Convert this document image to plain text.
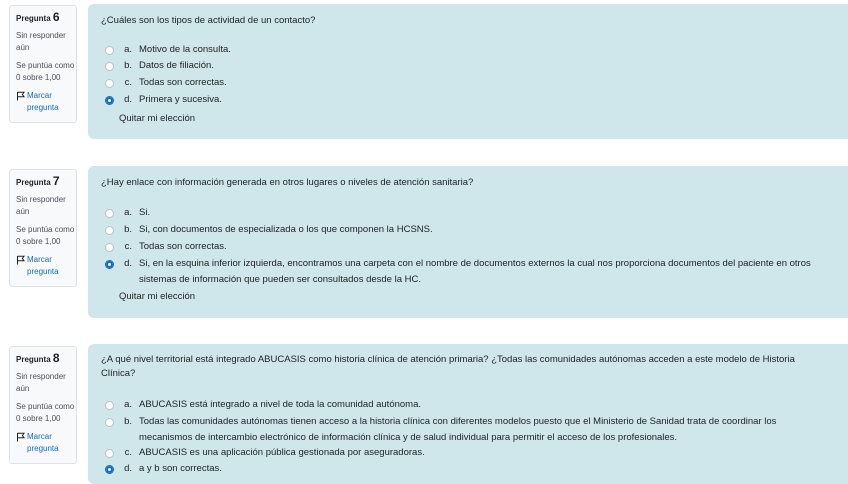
Pregunta 6
Sin responder aún
Se puntúa como 0 sobre 1,00
Marcar pregunta
¿Cuáles son los tipos de actividad de un contacto?
a. Motivo de la consulta.
b. Datos de filiación.
c. Todas son correctas.
d. Primera y sucesiva.
Quitar mi elección
Pregunta 7
Sin responder aún
Se puntúa como 0 sobre 1,00
Marcar pregunta
¿Hay enlace con información generada en otros lugares o niveles de atención sanitaria?
a. Si.
b. Si, con documentos de especializada o los que componen la HCSNS.
c. Todas son correctas.
d. Si, en la esquina inferior izquierda, encontramos una carpeta con el nombre de documentos externos la cual nos proporciona documentos del paciente en otros sistemas de información que pueden ser consultados desde la HC.
Quitar mi elección
Pregunta 8
Sin responder aún
Se puntúa como 0 sobre 1,00
Marcar pregunta
¿A qué nivel territorial está integrado ABUCASIS como historia clínica de atención primaria? ¿Todas las comunidades autónomas acceden a este modelo de Historia Clínica?
a. ABUCASIS está integrado a nivel de toda la comunidad autónoma.
b. Todas las comunidades autónomas tienen acceso a la historia clínica con diferentes modelos puesto que el Ministerio de Sanidad trata de coordinar los mecanismos de intercambio electrónico de información clínica y de salud individual para permitir el acceso de los profesionales.
c. ABUCASIS es una aplicación pública gestionada por aseguradoras.
d. a y b son correctas.
